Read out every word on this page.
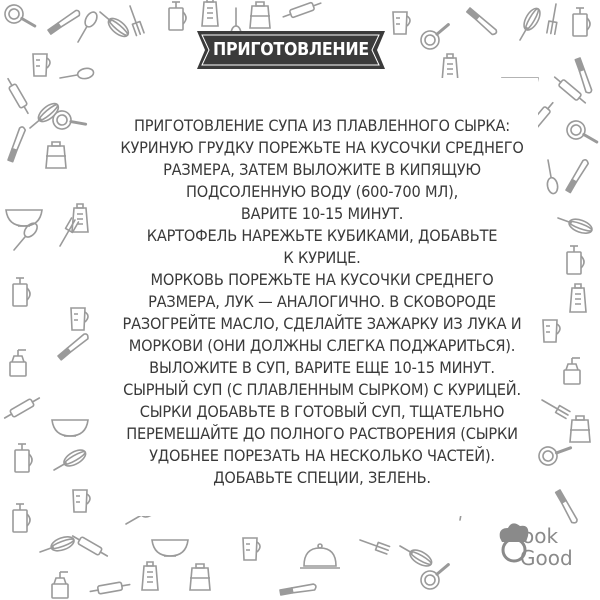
ПРИГОТОВЛЕНИЕ
ПРИГОТОВЛЕНИЕ СУПА ИЗ ПЛАВЛЕННОГО СЫРКА:
КУРИНУЮ ГРУДКУ ПОРЕЖЬТЕ НА КУСОЧКИ СРЕДНЕГО
РАЗМЕРА, ЗАТЕМ ВЫЛОЖИТЕ В КИПЯЩУЮ
ПОДСОЛЕННУЮ ВОДУ (600-700 МЛ),
ВАРИТЕ 10-15 МИНУТ.
КАРТОФЕЛЬ НАРЕЖЬТЕ КУБИКАМИ, ДОБАВЬТЕ
К КУРИЦЕ.
МОРКОВЬ ПОРЕЖЬТЕ НА КУСОЧКИ СРЕДНЕГО
РАЗМЕРА, ЛУК — АНАЛОГИЧНО. В СКОВОРОДЕ
РАЗОГРЕЙТЕ МАСЛО, СДЕЛАЙТЕ ЗАЖАРКУ ИЗ ЛУКА И
МОРКОВИ (ОНИ ДОЛЖНЫ СЛЕГКА ПОДЖАРИТЬСЯ).
ВЫЛОЖИТЕ В СУП, ВАРИТЕ ЕЩЕ 10-15 МИНУТ.
СЫРНЫЙ СУП (С ПЛАВЛЕННЫМ СЫРКОМ) С КУРИЦЕЙ.
СЫРКИ ДОБАВЬТЕ В ГОТОВЫЙ СУП, ТЩАТЕЛЬНО
ПЕРЕМЕШАЙТЕ ДО ПОЛНОГО РАСТВОРЕНИЯ (СЫРКИ
УДОБНЕЕ ПОРЕЗАТЬ НА НЕСКОЛЬКО ЧАСТЕЙ).
ДОБАВЬТЕ СПЕЦИИ, ЗЕЛЕНЬ.
ook
Good
